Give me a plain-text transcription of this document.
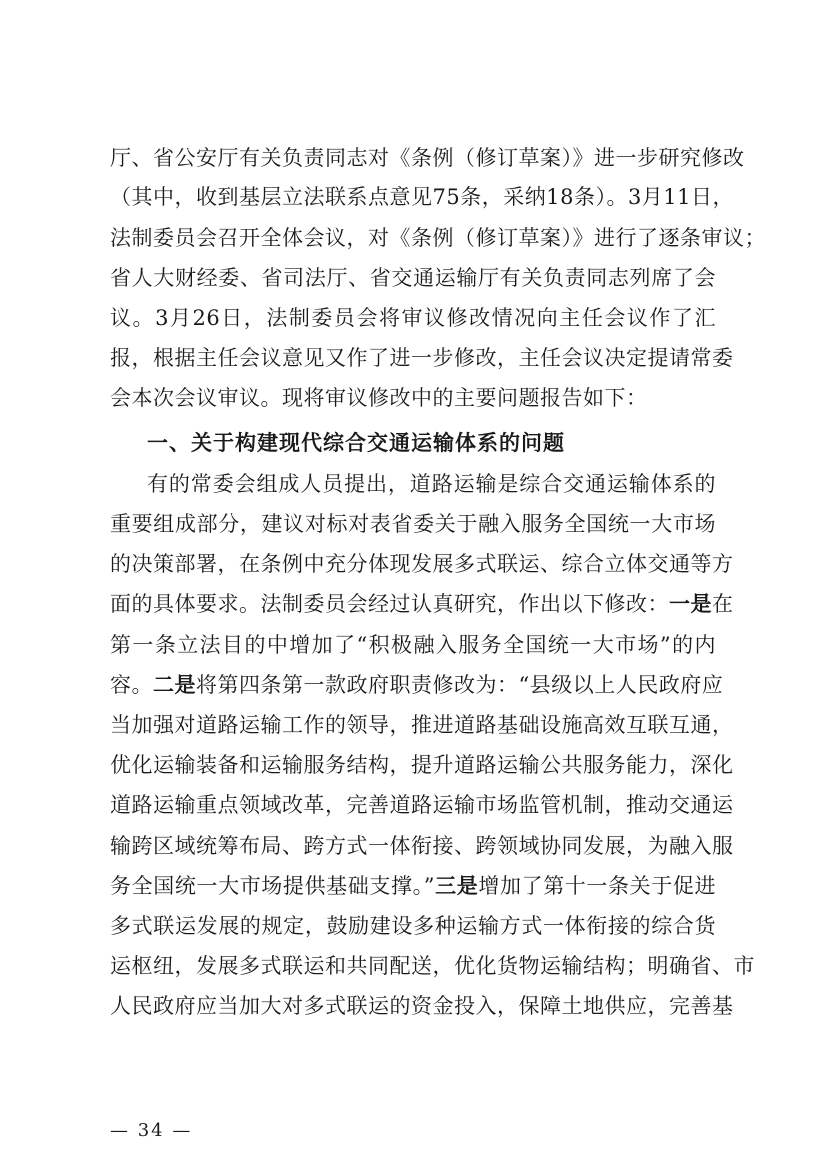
厅、省公安厅有关负责同志对《条例（修订草案）》进一步研究修改
（其中，收到基层立法联系点意见75条，采纳18条）。3月11日，
法制委员会召开全体会议，对《条例（修订草案）》进行了逐条审议；
省人大财经委、省司法厅、省交通运输厅有关负责同志列席了会
议。3月26日，法制委员会将审议修改情况向主任会议作了汇
报，根据主任会议意见又作了进一步修改，主任会议决定提请常委
会本次会议审议。现将审议修改中的主要问题报告如下：
一、关于构建现代综合交通运输体系的问题
有的常委会组成人员提出，道路运输是综合交通运输体系的
重要组成部分，建议对标对表省委关于融入服务全国统一大市场
的决策部署，在条例中充分体现发展多式联运、综合立体交通等方
面的具体要求。法制委员会经过认真研究，作出以下修改：一是在
第一条立法目的中增加了“积极融入服务全国统一大市场”的内
容。二是将第四条第一款政府职责修改为：“县级以上人民政府应
当加强对道路运输工作的领导，推进道路基础设施高效互联互通，
优化运输装备和运输服务结构，提升道路运输公共服务能力，深化
道路运输重点领域改革，完善道路运输市场监管机制，推动交通运
输跨区域统筹布局、跨方式一体衔接、跨领域协同发展，为融入服
务全国统一大市场提供基础支撑。”三是增加了第十一条关于促进
多式联运发展的规定，鼓励建设多种运输方式一体衔接的综合货
运枢纽，发展多式联运和共同配送，优化货物运输结构；明确省、市
人民政府应当加大对多式联运的资金投入，保障土地供应，完善基
— 34 —
